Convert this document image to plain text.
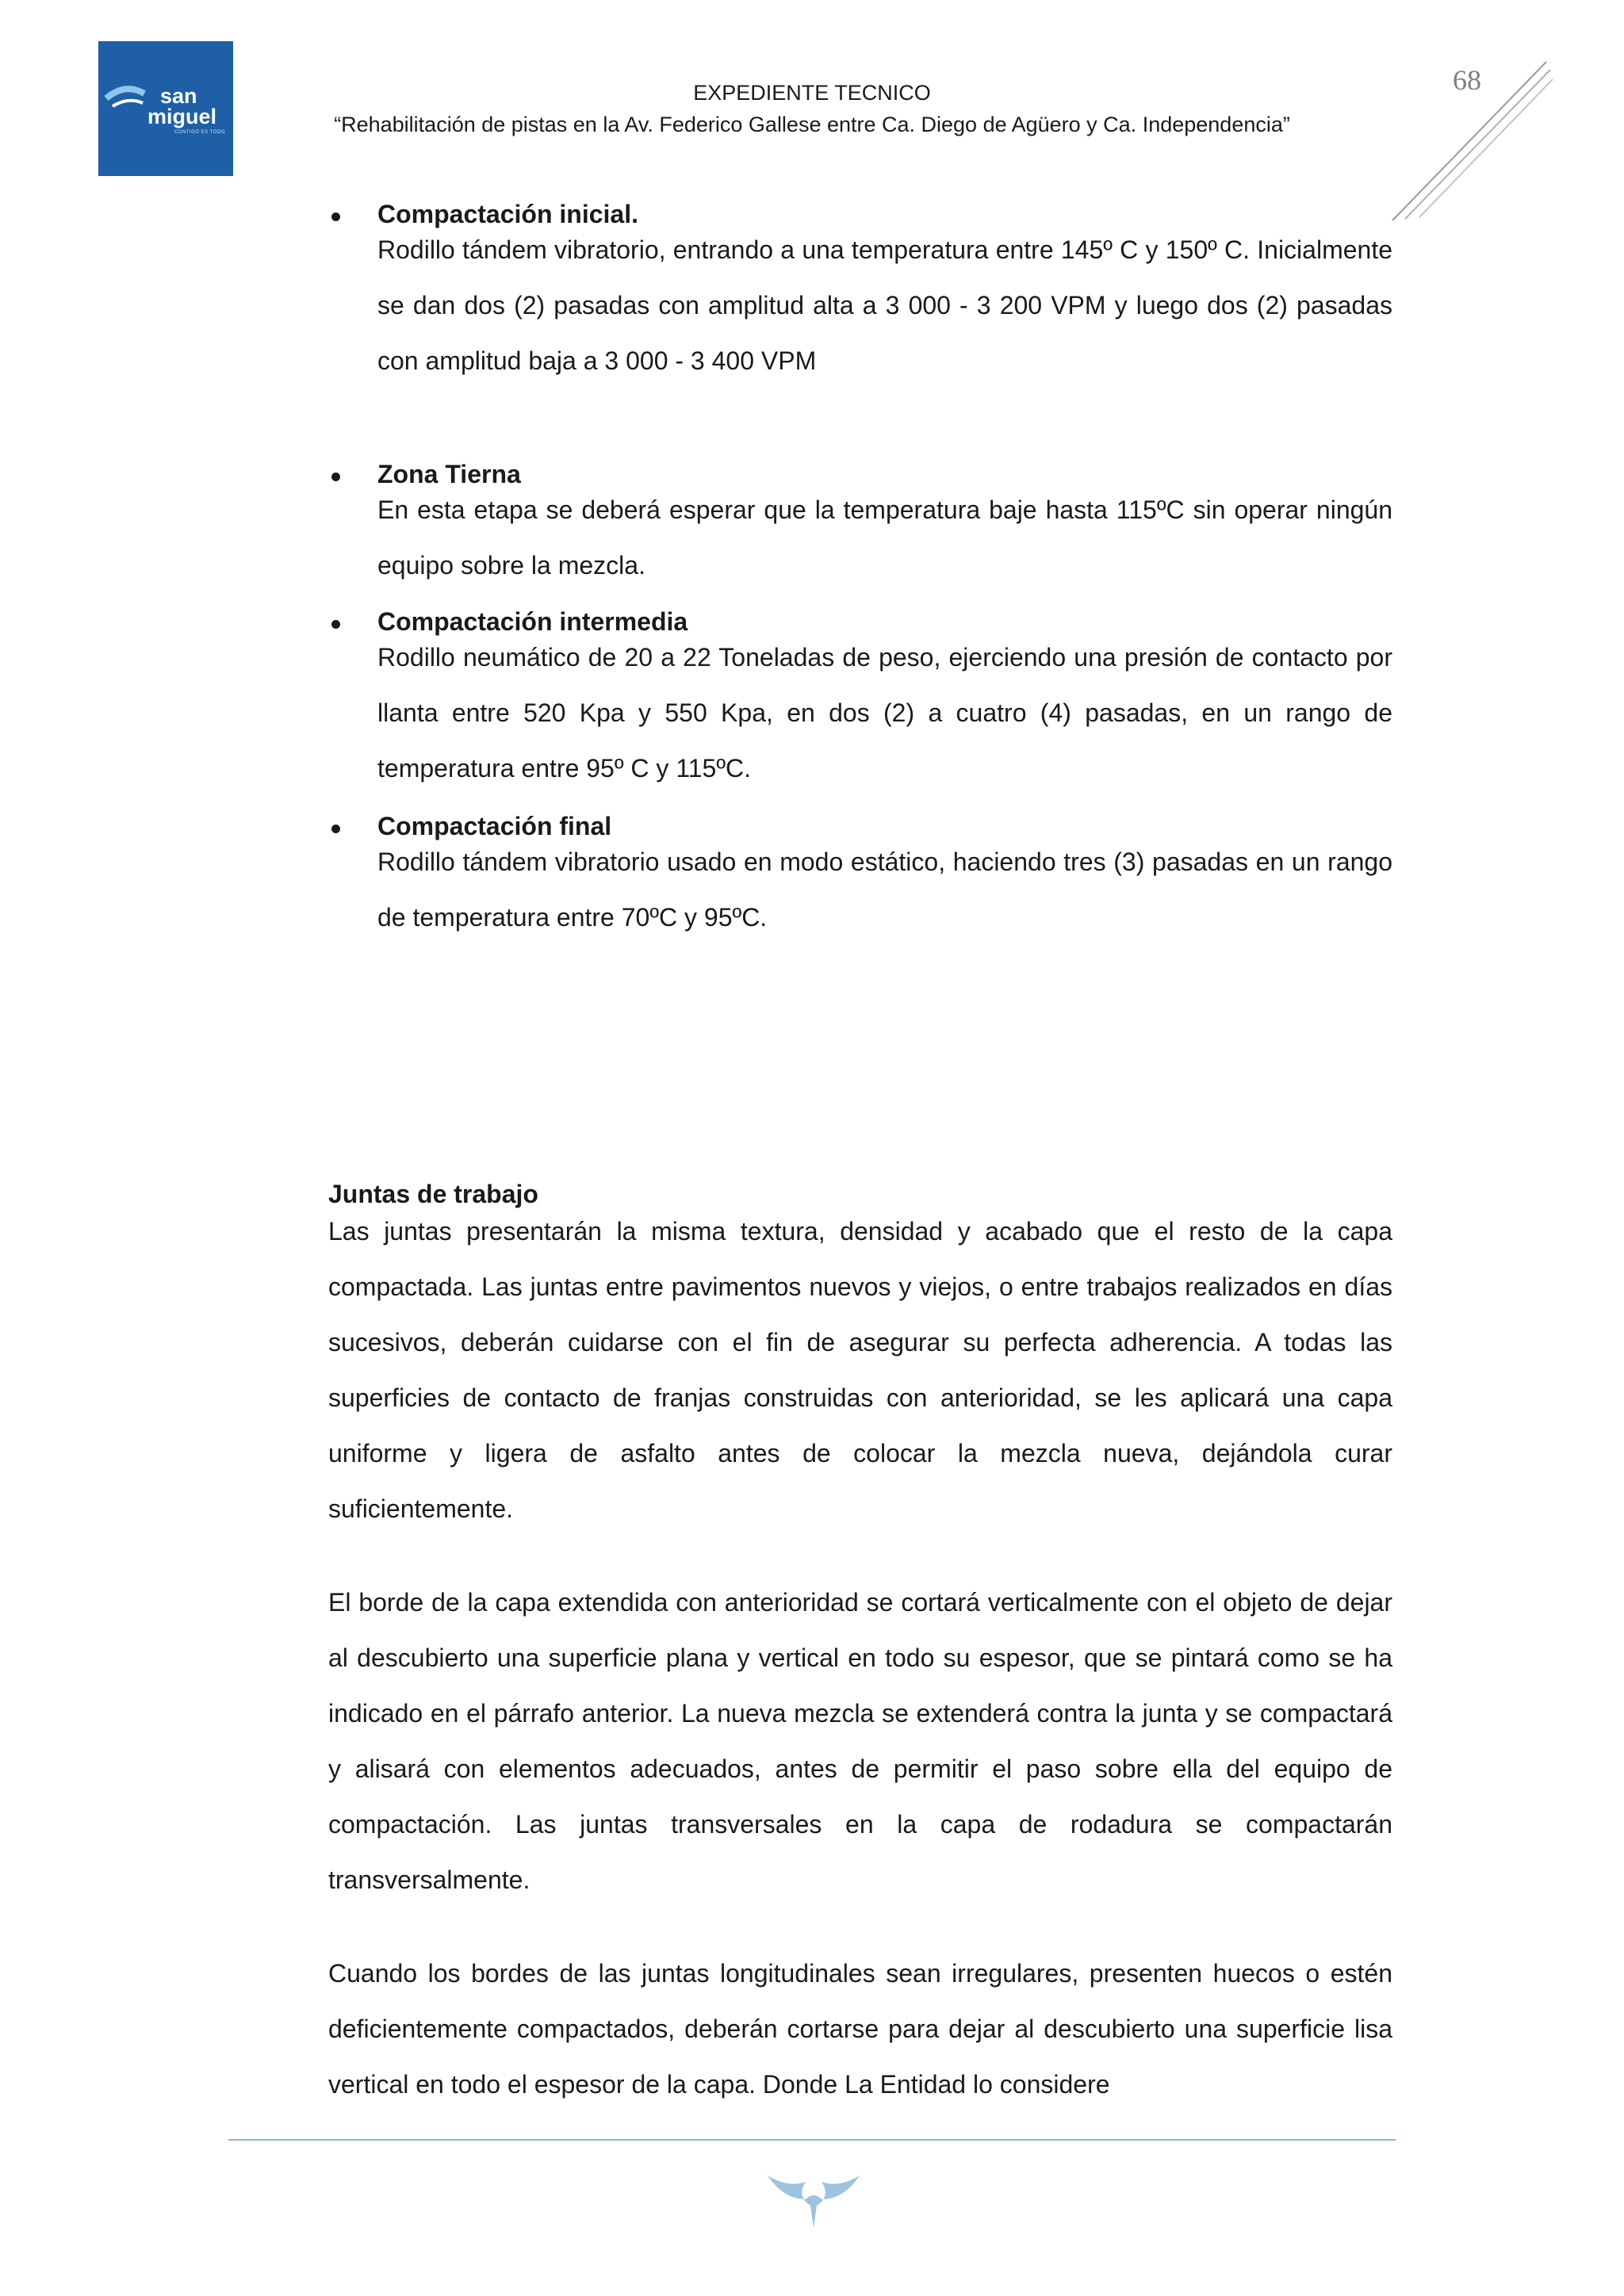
san
miguel
CONTIGO ES TODO
EXPEDIENTE TECNICO
“Rehabilitación de pistas en la Av. Federico Gallese entre Ca. Diego de Agüero y Ca. Independencia”
68
Compactación inicial.
Rodillo tándem vibratorio, entrando a una temperatura entre 145º C y 150º C. Inicialmente se dan dos (2) pasadas con amplitud alta a 3 000 - 3 200 VPM y luego dos (2) pasadas con amplitud baja a 3 000 - 3 400 VPM
Zona Tierna
En esta etapa se deberá esperar que la temperatura baje hasta 115ºC sin operar ningún equipo sobre la mezcla.
Compactación intermedia
Rodillo neumático de 20 a 22 Toneladas de peso, ejerciendo una presión de contacto por llanta entre 520 Kpa y 550 Kpa, en dos (2) a cuatro (4) pasadas, en un rango de temperatura entre 95º C y 115ºC.
Compactación final
Rodillo tándem vibratorio usado en modo estático, haciendo tres (3) pasadas en un rango de temperatura entre 70ºC y 95ºC.
Juntas de trabajo
Las juntas presentarán la misma textura, densidad y acabado que el resto de la capa compactada. Las juntas entre pavimentos nuevos y viejos, o entre trabajos realizados en días sucesivos, deberán cuidarse con el fin de asegurar su perfecta adherencia. A todas las superficies de contacto de franjas construidas con anterioridad, se les aplicará una capa uniforme y ligera de asfalto antes de colocar la mezcla nueva, dejándola curar suficientemente.
El borde de la capa extendida con anterioridad se cortará verticalmente con el objeto de dejar al descubierto una superficie plana y vertical en todo su espesor, que se pintará como se ha indicado en el párrafo anterior. La nueva mezcla se extenderá contra la junta y se compactará y alisará con elementos adecuados, antes de permitir el paso sobre ella del equipo de compactación. Las juntas transversales en la capa de rodadura se compactarán transversalmente.
Cuando los bordes de las juntas longitudinales sean irregulares, presenten huecos o estén deficientemente compactados, deberán cortarse para dejar al descubierto una superficie lisa vertical en todo el espesor de la capa. Donde La Entidad lo considere
